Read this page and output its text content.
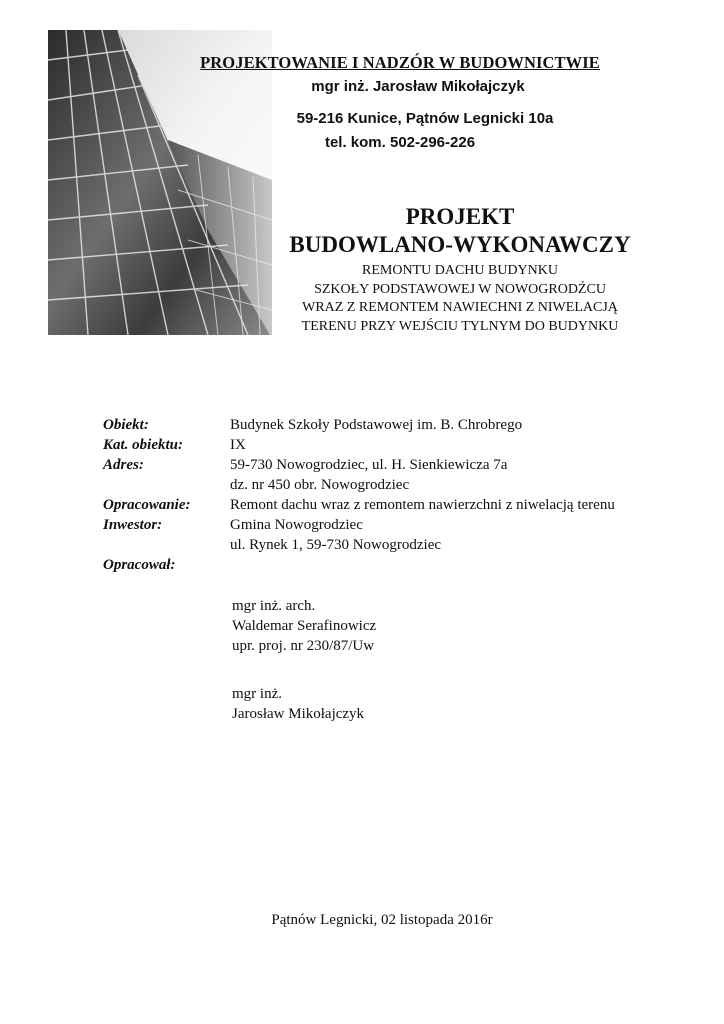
PROJEKTOWANIE I NADZÓR W BUDOWNICTWIE
mgr inż. Jarosław Mikołajczyk
59-216 Kunice, Pątnów Legnicki 10a
tel. kom. 502-296-226

PROJEKT

BUDOWLANO-WYKONAWCZY

REMONTU DACHU BUDYNKU

SZKOŁY PODSTAWOWEJ W NOWOGRODŹCU

WRAZ Z REMONTEM NAWIECHNI Z NIWELACJĄ

TERENU PRZY WEJŚCIU TYLNYM DO BUDYNKU

Obiekt:	Budynek Szkoły Podstawowej im. B. Chrobrego
Kat. obiektu:	IX
Adres:	59-730 Nowogrodziec, ul. H. Sienkiewicza 7a
dz. nr 450 obr. Nowogrodziec
Opracowanie:	Remont dachu wraz z remontem nawierzchni z niwelacją terenu
Inwestor:	Gmina Nowogrodziec
ul. Rynek 1, 59-730 Nowogrodziec
Opracował:
mgr inż. arch.
Waldemar Serafinowicz
upr. proj. nr 230/87/Uw
mgr inż.
Jarosław Mikołajczyk
Pątnów Legnicki, 02 listopada 2016r
